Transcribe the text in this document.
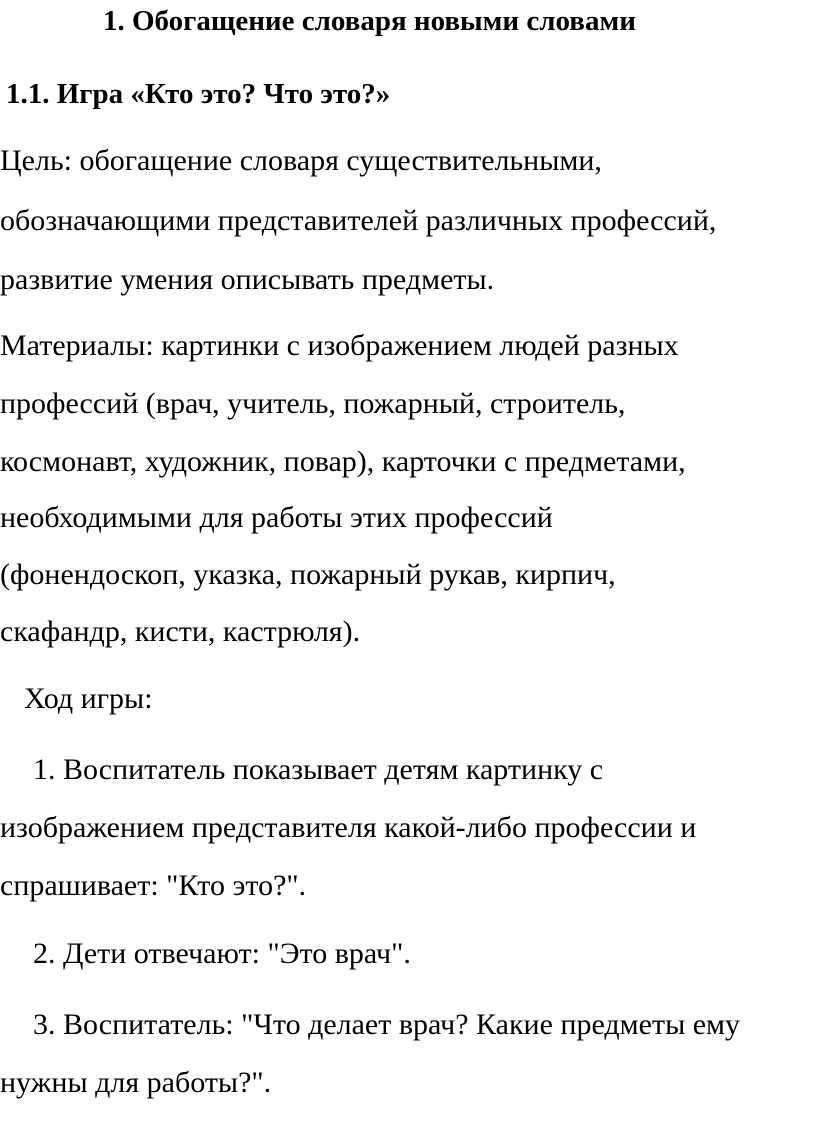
1. Обогащение словаря новыми словами
1.1. Игра «Кто это? Что это?»
Цель: обогащение словаря существительными,
обозначающими представителей различных профессий,
развитие умения описывать предметы.
Материалы: картинки с изображением людей разных
профессий (врач, учитель, пожарный, строитель,
космонавт, художник, повар), карточки с предметами,
необходимыми для работы этих профессий
(фонендоскоп, указка, пожарный рукав, кирпич,
скафандр, кисти, кастрюля).
Ход игры:
1. Воспитатель показывает детям картинку с
изображением представителя какой-либо профессии и
спрашивает: "Кто это?".
2. Дети отвечают: "Это врач".
3. Воспитатель: "Что делает врач? Какие предметы ему
нужны для работы?".
